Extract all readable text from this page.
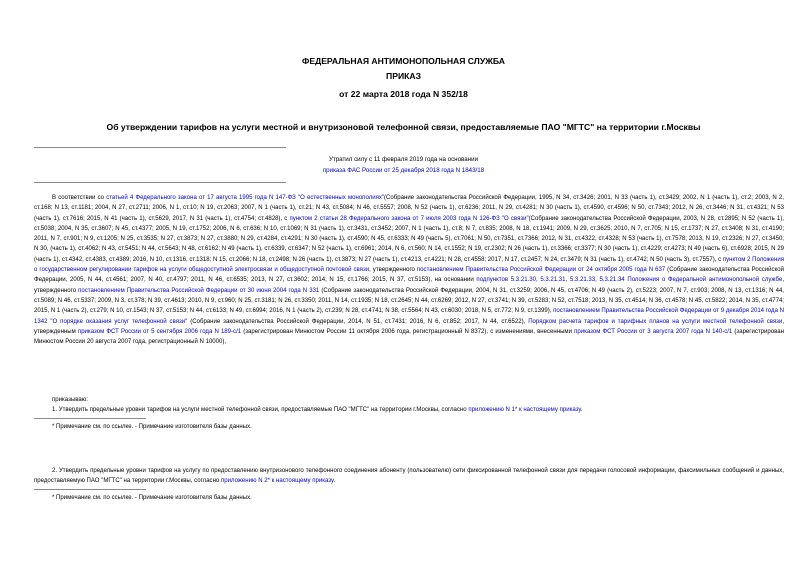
ФЕДЕРАЛЬНАЯ АНТИМОНОПОЛЬНАЯ СЛУЖБА
ПРИКАЗ
от 22 марта 2018 года N 352/18
Об утверждении тарифов на услуги местной и внутризоновой телефонной связи, предоставляемые ПАО "МГТС" на территории г.Москвы
Утратил силу с 11 февраля 2019 года на основании
приказа ФАС России от 25 декабря 2018 года N 1843/18
В соответствии со статьей 4 Федерального закона от 17 августа 1995 года N 147-ФЗ "О естественных монополиях"(Собрание законодательства Российской Федерации, 1995, N 34, ст.3426; 2001, N 33 (часть 1), ст.3429; 2002, N 1 (часть 1), ст.2; 2003, N 2, ст.168; N 13, ст.1181; 2004, N 27, ст.2711; 2006, N 1, ст.10; N 19, ст.2063; 2007, N 1 (часть 1), ст.21; N 43, ст.5084; N 46, ст.5557; 2008, N 52 (часть 1), ст.6236; 2011, N 29, ст.4281; N 30 (часть 1), ст.4590, ст.4596; N 50, ст.7343; 2012, N 26, ст.3446; N 31, ст.4321; N 53 (часть 1), ст.7616; 2015, N 41 (часть 1), ст.5629, 2017, N 31 (часть 1), ст.4754; ст.4828), с пунктом 2 статьи 28 Федерального закона от 7 июля 2003 года N 126-ФЗ "О связи"(Собрание законодательства Российской Федерации, 2003, N 28, ст.2895; N 52 (часть 1), ст.5038; 2004, N 35, ст.3607; N 45, ст.4377; 2005, N 19, ст.1752; 2006, N 6, ст.636; N 10, ст.1069; N 31 (часть 1), ст.3431, ст.3452; 2007, N 1 (часть 1), ст.8; N 7, ст.835; 2008, N 18, ст.1941; 2009, N 29, ст.3625; 2010, N 7, ст.705; N 15, ст.1737; N 27, ст.3408; N 31, ст.4190; 2011, N 7, ст.901; N 9, ст.1205; N 25, ст.3535; N 27, ст.3873; N 27, ст.3880; N 29, ст.4284, ст.4291; N 30 (часть 1), ст.4590; N 45, ст.6333; N 49 (часть 5), ст.7061; N 50, ст.7351, ст.7366; 2012, N 31, ст.4322, ст.4328; N 53 (часть 1), ст.7578; 2013, N 19, ст.2326; N 27, ст.3450; N 30, (часть 1), ст.4062; N 43, ст.5451; N 44, ст.5643; N 48, ст.6162; N 49 (часть 1), ст.6339, ст.6347; N 52 (часть 1), ст.6961; 2014, N 6, ст.560; N 14, ст.1552; N 19, ст.2302; N 26 (часть 1), ст.3366; ст.3377; N 30 (часть 1), ст.4229; ст.4273; N 49 (часть 6), ст.6928; 2015, N 29 (часть 1), ст.4342, ст.4383, ст.4389; 2016, N 10, ст.1316, ст.1318; N 15, ст.2066; N 18, ст.2498; N 26 (часть 1), ст.3873; N 27 (часть 1), ст.4213, ст.4221; N 28, ст.4558; 2017, N 17, ст.2457; N 24, ст.3479; N 31 (часть 1), ст.4742; N 50 (часть 3), ст.7557), с пунктом 2 Положения о государственном регулировании тарифов на услуги общедоступной электросвязи и общедоступной почтовой связи, утвержденного постановлением Правительства Российской Федерации от 24 октября 2005 года N 637 (Собрание законодательства Российской Федерации, 2005, N 44, ст.4561; 2007, N 40, ст.4797; 2011, N 46, ст.6535; 2013, N 27, ст.3602; 2014, N 15, ст.1766; 2015, N 37, ст.5153), на основании подпунктов 5.3.21.30, 5.3.21.31, 5.3.21.33, 5.3.21.34 Положения о Федеральной антимонопольной службе, утвержденного постановлением Правительства Российской Федерации от 30 июня 2004 года N 331 (Собрание законодательства Российской Федерации, 2004, N 31, ст.3259; 2006, N 45, ст.4706; N 49 (часть 2), ст.5223; 2007, N 7, ст.903; 2008, N 13, ст.1316; N 44, ст.5089; N 46, ст.5337; 2009, N 3, ст.378; N 39, ст.4613; 2010, N 9, ст.960; N 25, ст.3181; N 26, ст.3350; 2011, N 14, ст.1935; N 18, ст.2645; N 44, ст.6269; 2012, N 27, ст.3741; N 39, ст.5283; N 52, ст.7518; 2013, N 35, ст.4514; N 36, ст.4578; N 45, ст.5822; 2014, N 35, ст.4774; 2015, N 1 (часть 2), ст.279; N 10, ст.1543; N 37, ст.5153; N 44, ст.6133; N 49, ст.6994; 2016, N 1 (часть 2), ст.239; N 28, ст.4741; N 38, ст.5564; N 43, ст.6030; 2018, N 5, ст.772; N 9, ст.1399), постановлением Правительства Российской Федерации от 9 декабря 2014 года N 1342 "О порядке оказания услуг телефонной связи" (Собрание законодательства Российской Федерации, 2014, N 51, ст.7431; 2016, N 6, ст.852; 2017, N 44, ст.6522), Порядком расчета тарифов и тарифных планов на услуги местной телефонной связи, утвержденным приказом ФСТ России от 5 сентября 2006 года N 189-с/1 (зарегистрирован Минюстом России 11 октября 2006 года, регистрационный N 8372), с изменениями, внесенными приказом ФСТ России от 3 августа 2007 года N 140-с/1 (зарегистрирован Минюстом России 20 августа 2007 года, регистрационный N 10000),
приказываю:
1. Утвердить предельные уровни тарифов на услуги местной телефонной связи, предоставляемые ПАО "МГТС" на территории г.Москвы, согласно приложению N 1* к настоящему приказу.
* Примечание см. по ссылке. - Примечание изготовителя базы данных.
2. Утвердить предельные уровни тарифов на услугу по предоставлению внутризонового телефонного соединения абоненту (пользователю) сети фиксированной телефонной связи для передачи голосовой информации, факсимильных сообщений и данных, предоставляемую ПАО "МГТС" на территории г.Москвы, согласно приложению N 2* к настоящему приказу.
* Примечание см. по ссылке. - Примечание изготовителя базы данных.
